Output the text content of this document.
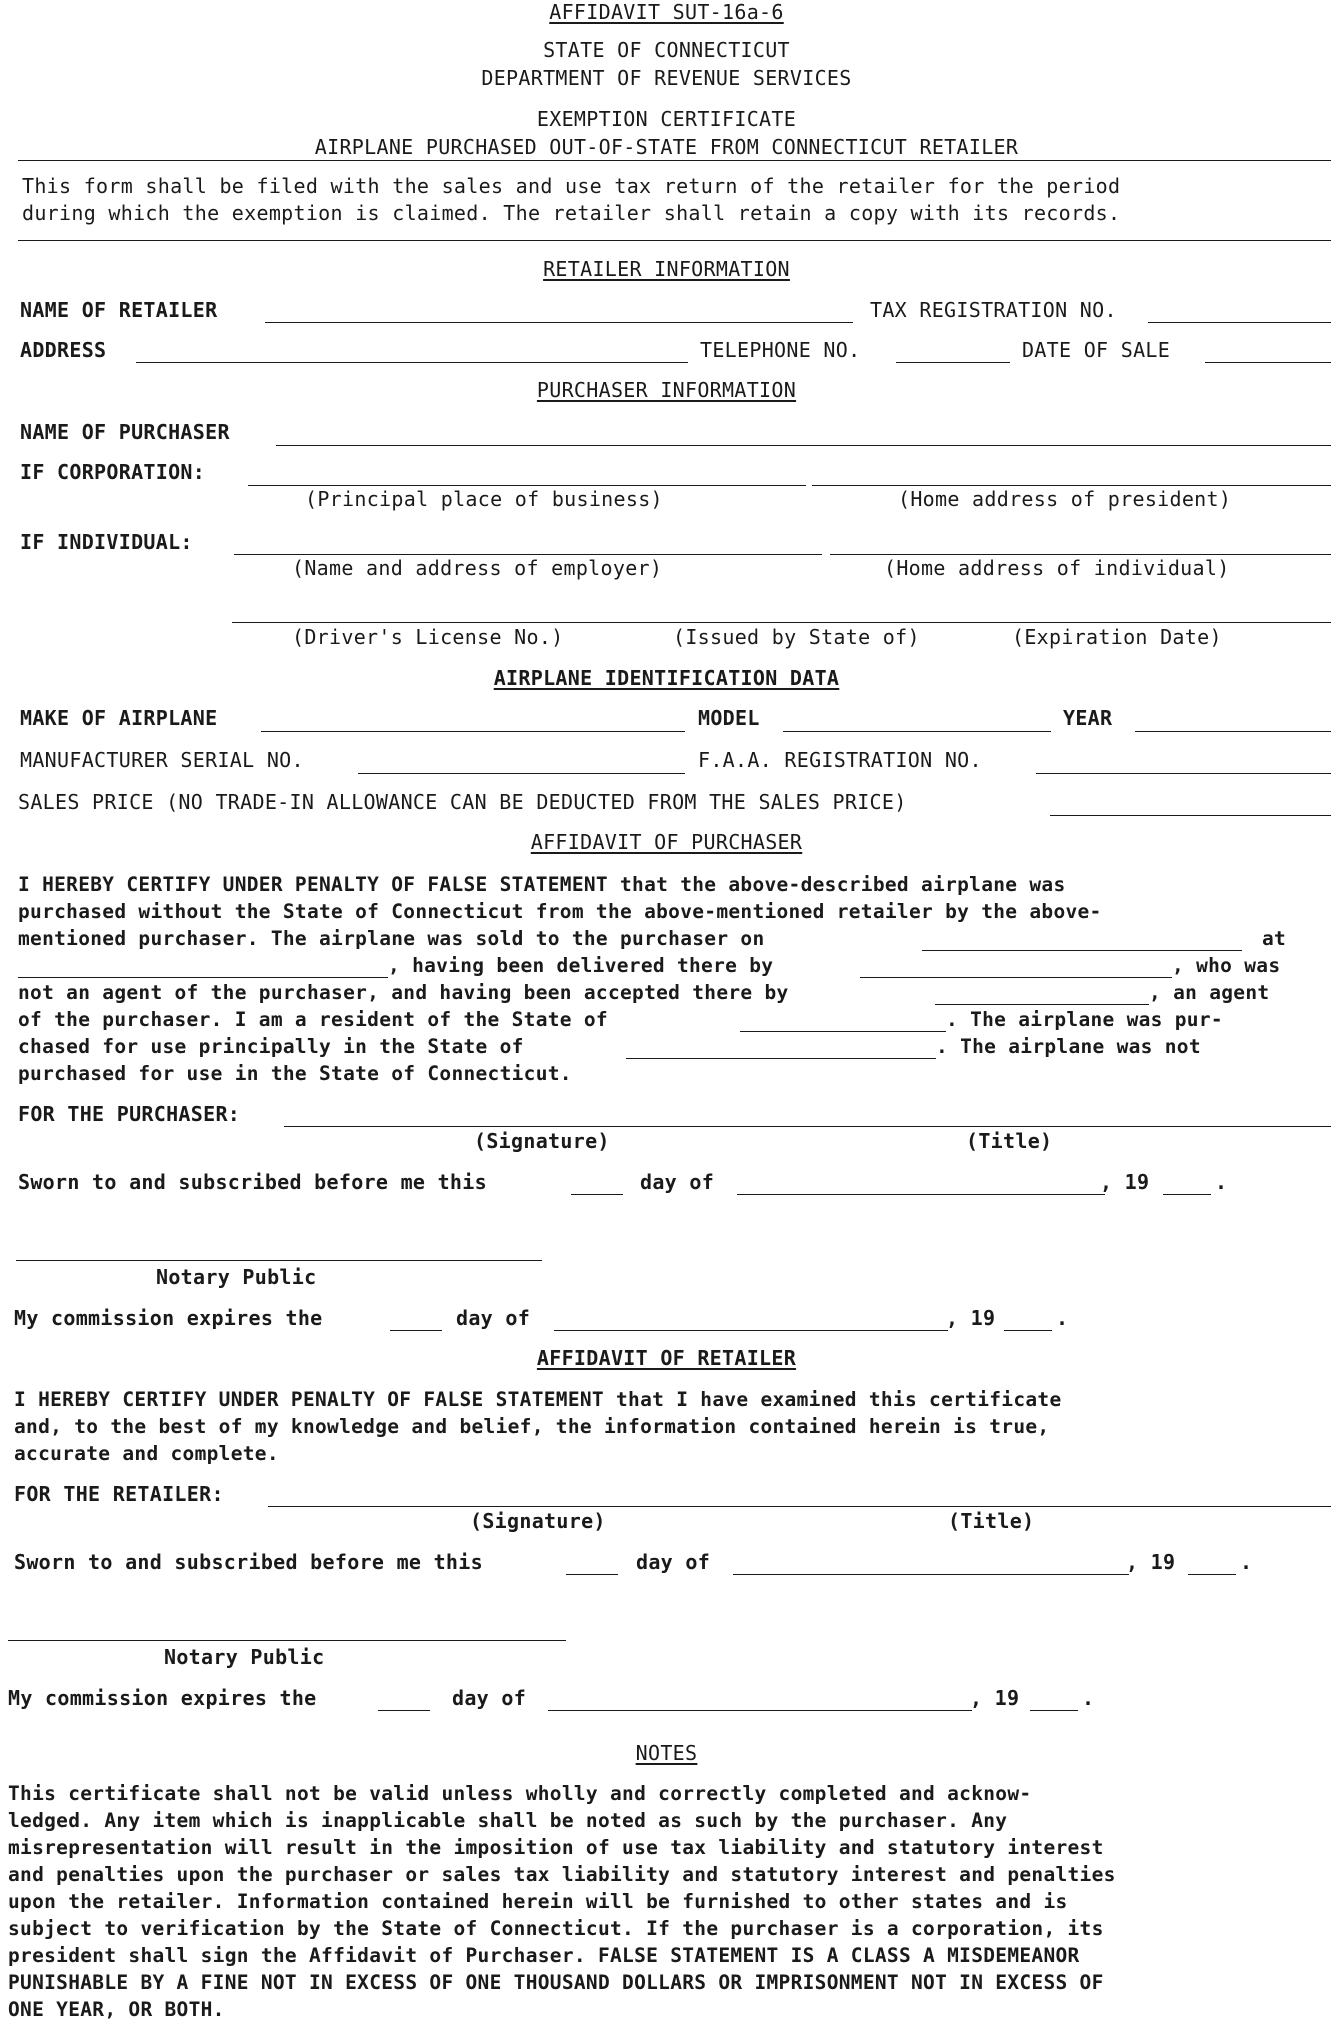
AFFIDAVIT SUT-16a-6
STATE OF CONNECTICUT
DEPARTMENT OF REVENUE SERVICES
EXEMPTION CERTIFICATE
AIRPLANE PURCHASED OUT-OF-STATE FROM CONNECTICUT RETAILER
This form shall be filed with the sales and use tax return of the retailer for the period
during which the exemption is claimed. The retailer shall retain a copy with its records.
RETAILER INFORMATION
NAME OF RETAILER	TAX REGISTRATION NO.
ADDRESS	TELEPHONE NO.	DATE OF SALE
PURCHASER INFORMATION
NAME OF PURCHASER
IF CORPORATION:
(Principal place of business)	(Home address of president)
IF INDIVIDUAL:
(Name and address of employer)	(Home address of individual)
(Driver's License No.)	(Issued by State of)	(Expiration Date)
AIRPLANE IDENTIFICATION DATA
MAKE OF AIRPLANE	MODEL	YEAR
MANUFACTURER SERIAL NO.	F.A.A. REGISTRATION NO.
SALES PRICE (NO TRADE-IN ALLOWANCE CAN BE DEDUCTED FROM THE SALES PRICE)
AFFIDAVIT OF PURCHASER
I HEREBY CERTIFY UNDER PENALTY OF FALSE STATEMENT that the above-described airplane was
purchased without the State of Connecticut from the above-mentioned retailer by the above-
mentioned purchaser. The airplane was sold to the purchaser on	at
, having been delivered there by	, who was
not an agent of the purchaser, and having been accepted there by	, an agent
of the purchaser. I am a resident of the State of	. The airplane was pur-
chased for use principally in the State of	. The airplane was not
purchased for use in the State of Connecticut.
FOR THE PURCHASER:
(Signature)	(Title)
Sworn to and subscribed before me this	day of	, 19	.
Notary Public
My commission expires the	day of	, 19	.
AFFIDAVIT OF RETAILER
I HEREBY CERTIFY UNDER PENALTY OF FALSE STATEMENT that I have examined this certificate
and, to the best of my knowledge and belief, the information contained herein is true,
accurate and complete.
FOR THE RETAILER:
(Signature)	(Title)
Sworn to and subscribed before me this	day of	, 19	.
Notary Public
My commission expires the	day of	, 19	.
NOTES
This certificate shall not be valid unless wholly and correctly completed and acknow-
ledged. Any item which is inapplicable shall be noted as such by the purchaser. Any
misrepresentation will result in the imposition of use tax liability and statutory interest
and penalties upon the purchaser or sales tax liability and statutory interest and penalties
upon the retailer. Information contained herein will be furnished to other states and is
subject to verification by the State of Connecticut. If the purchaser is a corporation, its
president shall sign the Affidavit of Purchaser. FALSE STATEMENT IS A CLASS A MISDEMEANOR
PUNISHABLE BY A FINE NOT IN EXCESS OF ONE THOUSAND DOLLARS OR IMPRISONMENT NOT IN EXCESS OF
ONE YEAR, OR BOTH.
